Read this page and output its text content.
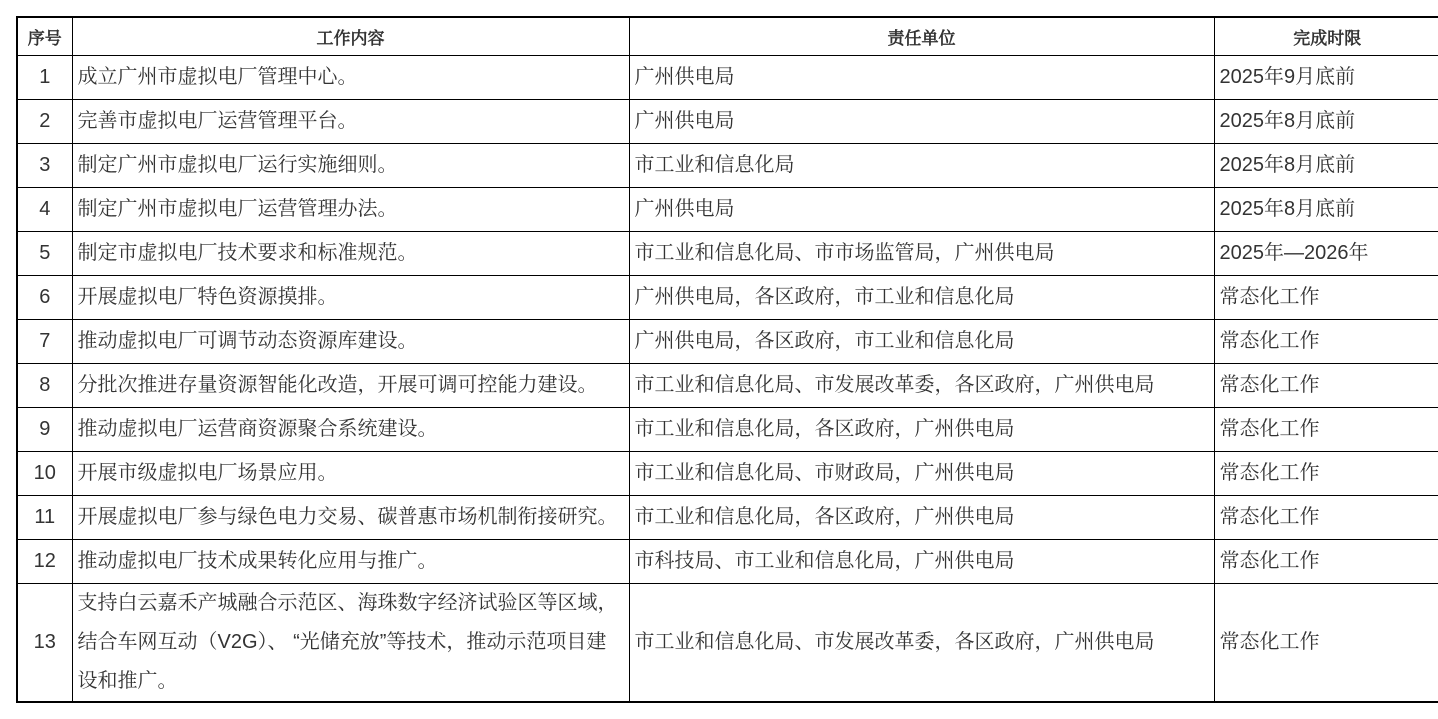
序号	工作内容	责任单位	完成时限
1	成立广州市虚拟电厂管理中心。	广州供电局	2025年9月底前
2	完善市虚拟电厂运营管理平台。	广州供电局	2025年8月底前
3	制定广州市虚拟电厂运行实施细则。	市工业和信息化局	2025年8月底前
4	制定广州市虚拟电厂运营管理办法。	广州供电局	2025年8月底前
5	制定市虚拟电厂技术要求和标准规范。	市工业和信息化局、市市场监管局，广州供电局	2025年—2026年
6	开展虚拟电厂特色资源摸排。	广州供电局，各区政府，市工业和信息化局	常态化工作
7	推动虚拟电厂可调节动态资源库建设。	广州供电局，各区政府，市工业和信息化局	常态化工作
8	分批次推进存量资源智能化改造，开展可调可控能力建设。	市工业和信息化局、市发展改革委，各区政府，广州供电局	常态化工作
9	推动虚拟电厂运营商资源聚合系统建设。	市工业和信息化局，各区政府，广州供电局	常态化工作
10	开展市级虚拟电厂场景应用。	市工业和信息化局、市财政局，广州供电局	常态化工作
11	开展虚拟电厂参与绿色电力交易、碳普惠市场机制衔接研究。	市工业和信息化局，各区政府，广州供电局	常态化工作
12	推动虚拟电厂技术成果转化应用与推广。	市科技局、市工业和信息化局，广州供电局	常态化工作
13	支持白云嘉禾产城融合示范区、海珠数字经济试验区等区域，结合车网互动（V2G）、 “光储充放”等技术，推动示范项目建设和推广。	市工业和信息化局、市发展改革委，各区政府，广州供电局	常态化工作
